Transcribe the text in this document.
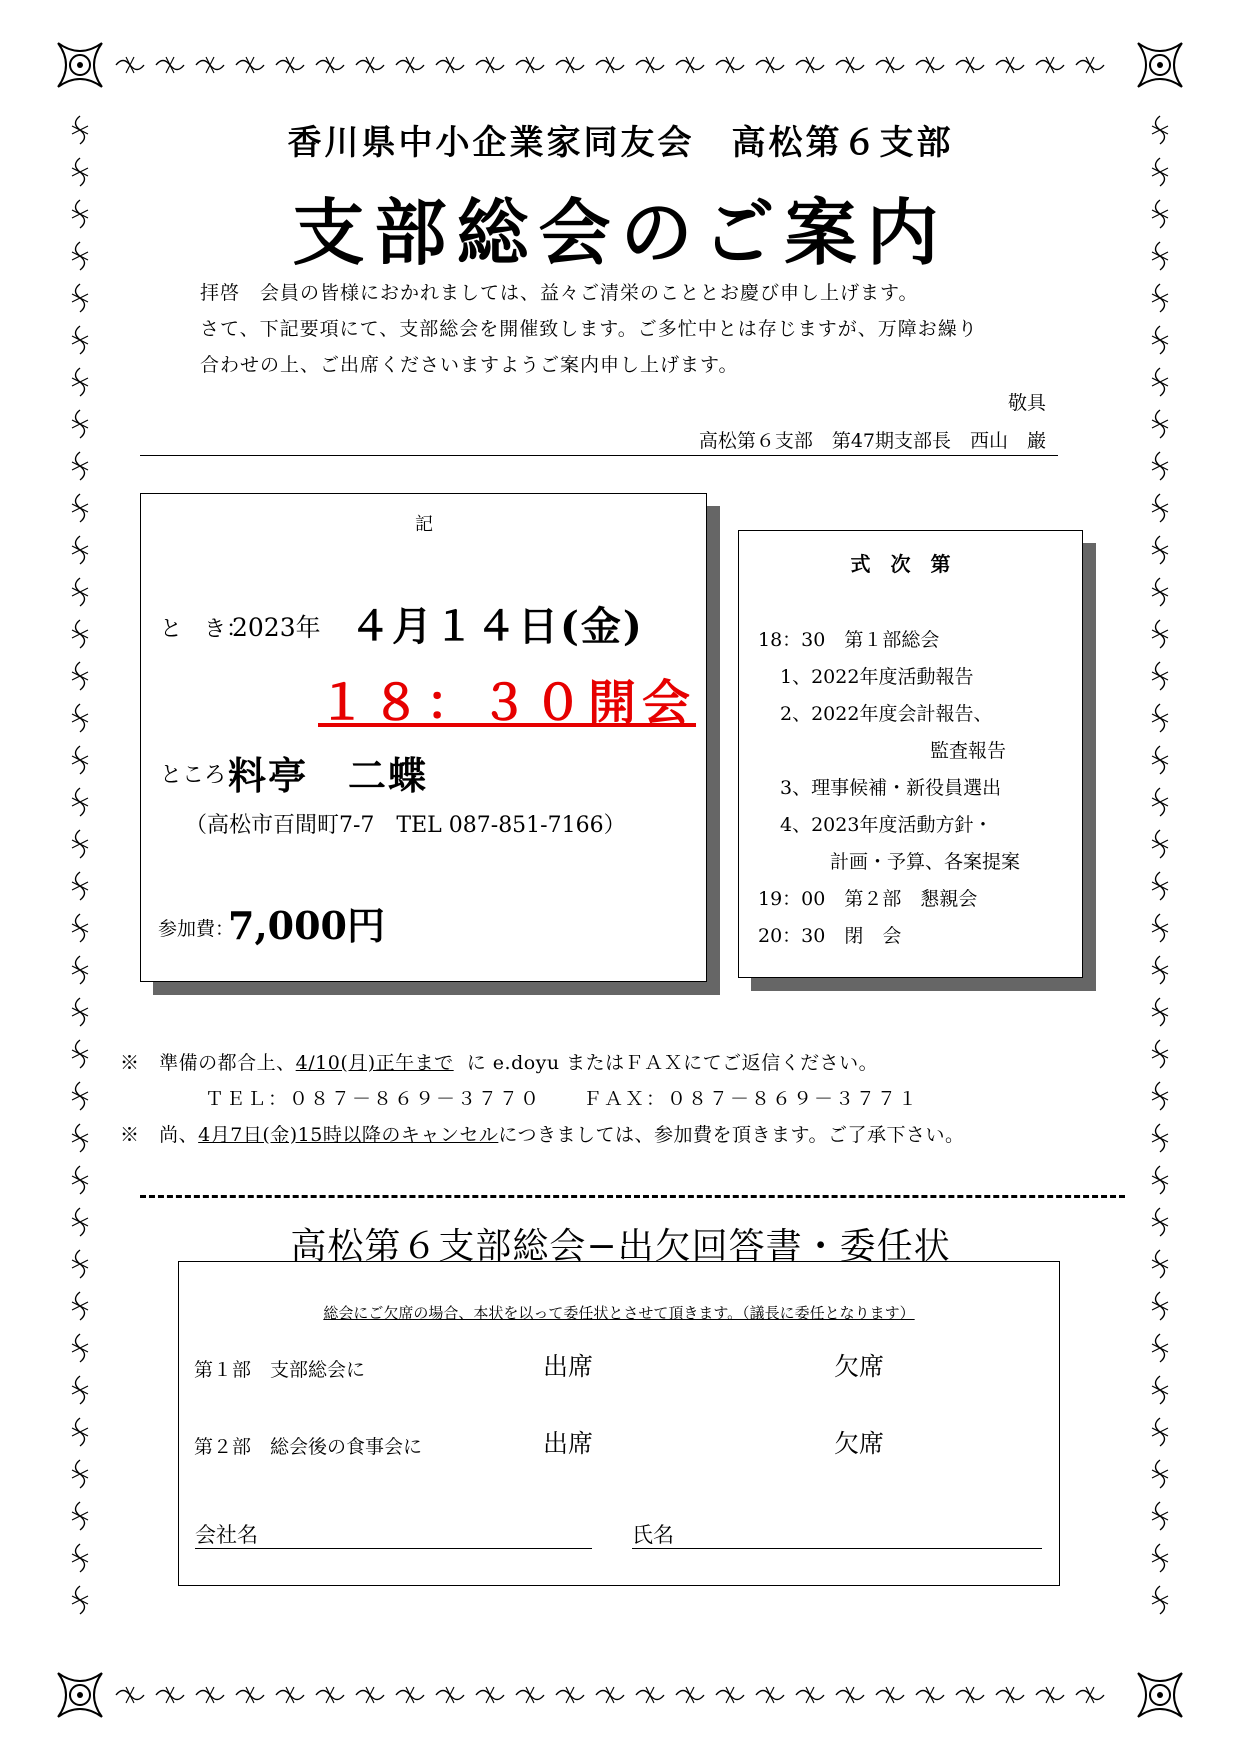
香川県中小企業家同友会　高松第６支部
支部総会のご案内
拝啓　会員の皆様におかれましては、益々ご清栄のこととお慶び申し上げます。
さて、下記要項にて、支部総会を開催致します。ご多忙中とは存じますが、万障お繰り
合わせの上、ご出席くださいますようご案内申し上げます。
敬具
高松第６支部　第47期支部長　西山　巌
記
と　き：
2023年 ４月１４日(金)
１８：３０開会
ところ：
料亭　二蝶
（高松市百間町7-7　TEL 087-851-7166）
参加費：
7,000円
式次第
18：30　第１部総会
1、2022年度活動報告
2、2022年度会計報告、
監査報告
3、理事候補・新役員選出
4、2023年度活動方針・
計画・予算、各案提案
19：00　第２部　懇親会
20：30　閉　会
※ 準備の都合上、4/10(月)正午まで に e.doyu またはＦＡＸにてご返信ください。
ＴＥＬ：０８７－８６９－３７７０　　ＦＡＸ：０８７－８６９－３７７１
※ 尚、4月7日(金)15時以降のキャンセルにつきましては、参加費を頂きます。ご了承下さい。
高松第６支部総会−出欠回答書・委任状
総会にご欠席の場合、本状を以って委任状とさせて頂きます。（議長に委任となります）
第１部　支部総会に	出席	欠席
第２部　総会後の食事会に	出席	欠席
会社名	氏名
